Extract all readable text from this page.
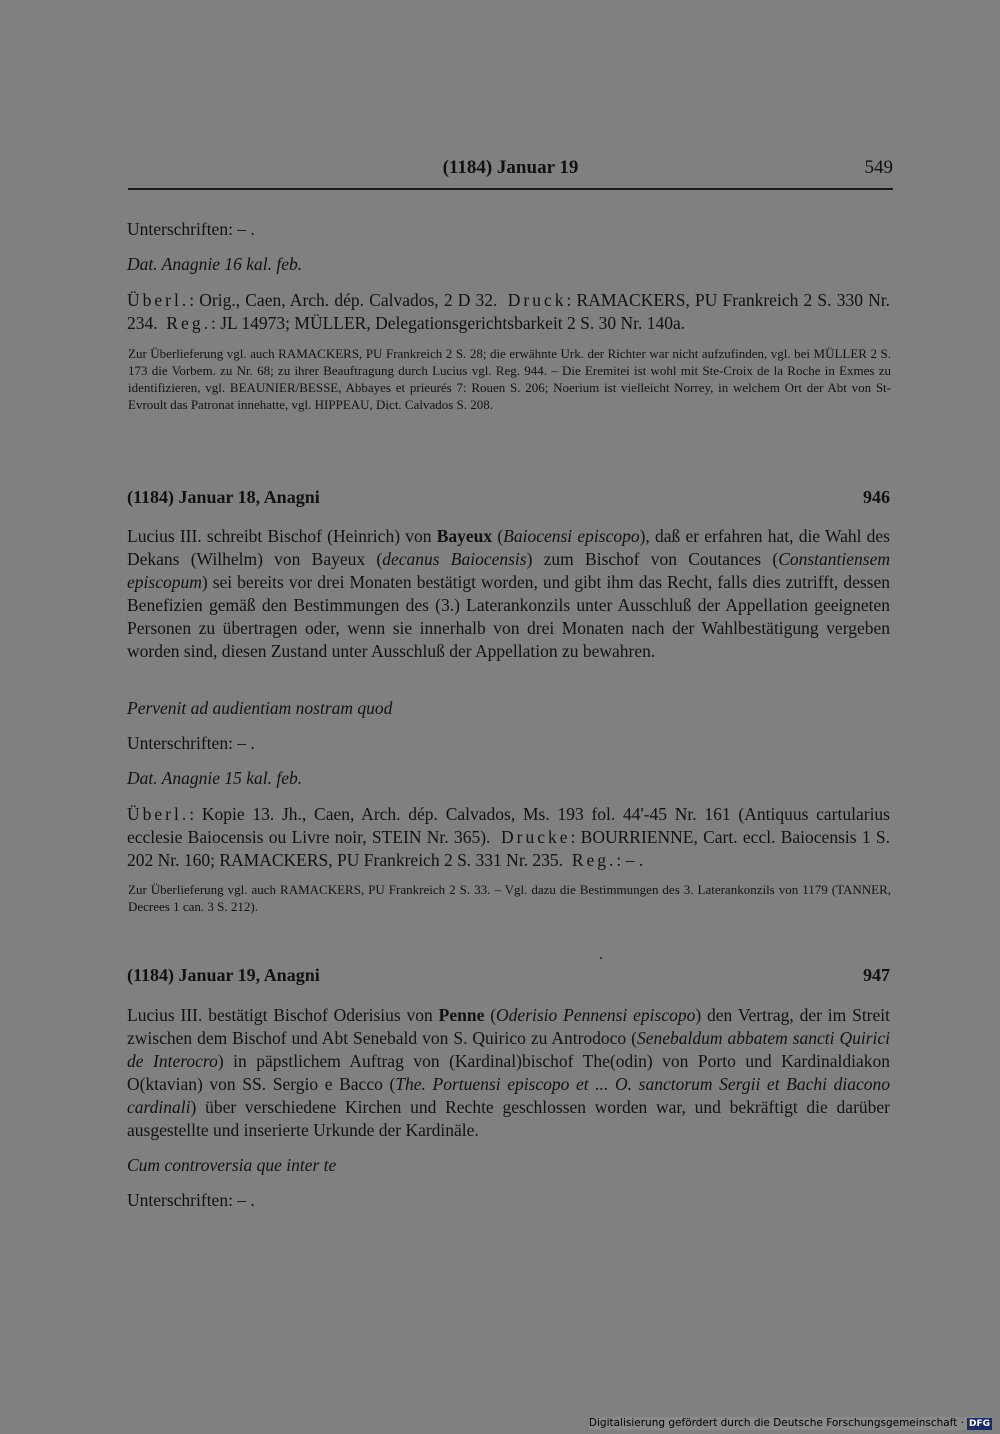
(1184) Januar 19	549

Unterschriften: – .

Dat. Anagnie 16 kal. feb.

Überl.: Orig., Caen, Arch. dép. Calvados, 2 D 32. Druck: RAMACKERS, PU Frankreich 2 S. 330 Nr. 234. Reg.: JL 14973; MÜLLER, Delegationsgerichtsbarkeit 2 S. 30 Nr. 140a.

Zur Überlieferung vgl. auch RAMACKERS, PU Frankreich 2 S. 28; die erwähnte Urk. der Richter war nicht aufzufinden, vgl. bei MÜLLER 2 S. 173 die Vorbem. zu Nr. 68; zu ihrer Beauftragung durch Lucius vgl. Reg. 944. – Die Eremitei ist wohl mit Ste-Croix de la Roche in Exmes zu identifizieren, vgl. BEAUNIER/BESSE, Abbayes et prieurés 7: Rouen S. 206; Noerium ist vielleicht Norrey, in welchem Ort der Abt von St-Evroult das Patronat innehatte, vgl. HIPPEAU, Dict. Calvados S. 208.

(1184) Januar 18, Anagni	946

Lucius III. schreibt Bischof (Heinrich) von Bayeux (Baiocensi episcopo), daß er erfahren hat, die Wahl des Dekans (Wilhelm) von Bayeux (decanus Baiocensis) zum Bischof von Coutances (Constantiensem episcopum) sei bereits vor drei Monaten bestätigt worden, und gibt ihm das Recht, falls dies zutrifft, dessen Benefizien gemäß den Bestimmungen des (3.) Laterankonzils unter Ausschluß der Appellation geeigneten Personen zu übertragen oder, wenn sie innerhalb von drei Monaten nach der Wahlbestätigung vergeben worden sind, diesen Zustand unter Ausschluß der Appellation zu bewahren.

Pervenit ad audientiam nostram quod

Unterschriften: – .

Dat. Anagnie 15 kal. feb.

Überl.: Kopie 13. Jh., Caen, Arch. dép. Calvados, Ms. 193 fol. 44'-45 Nr. 161 (Antiquus cartularius ecclesie Baiocensis ou Livre noir, STEIN Nr. 365). Drucke: BOURRIENNE, Cart. eccl. Baiocensis 1 S. 202 Nr. 160; RAMACKERS, PU Frankreich 2 S. 331 Nr. 235. Reg.: – .

Zur Überlieferung vgl. auch RAMACKERS, PU Frankreich 2 S. 33. – Vgl. dazu die Bestimmungen des 3. Laterankonzils von 1179 (TANNER, Decrees 1 can. 3 S. 212).

(1184) Januar 19, Anagni	947

Lucius III. bestätigt Bischof Oderisius von Penne (Oderisio Pennensi episcopo) den Vertrag, der im Streit zwischen dem Bischof und Abt Senebald von S. Quirico zu Antrodoco (Senebaldum abbatem sancti Quirici de Interocro) in päpstlichem Auftrag von (Kardinal)bischof The(odin) von Porto und Kardinaldiakon O(ktavian) von SS. Sergio e Bacco (The. Portuensi episcopo et ... O. sanctorum Sergii et Bachi diacono cardinali) über verschiedene Kirchen und Rechte geschlossen worden war, und bekräftigt die darüber ausgestellte und inserierte Urkunde der Kardinäle.

Cum controversia que inter te

Unterschriften: – .

Digitalisierung gefördert durch die Deutsche Forschungsgemeinschaft · DFG
